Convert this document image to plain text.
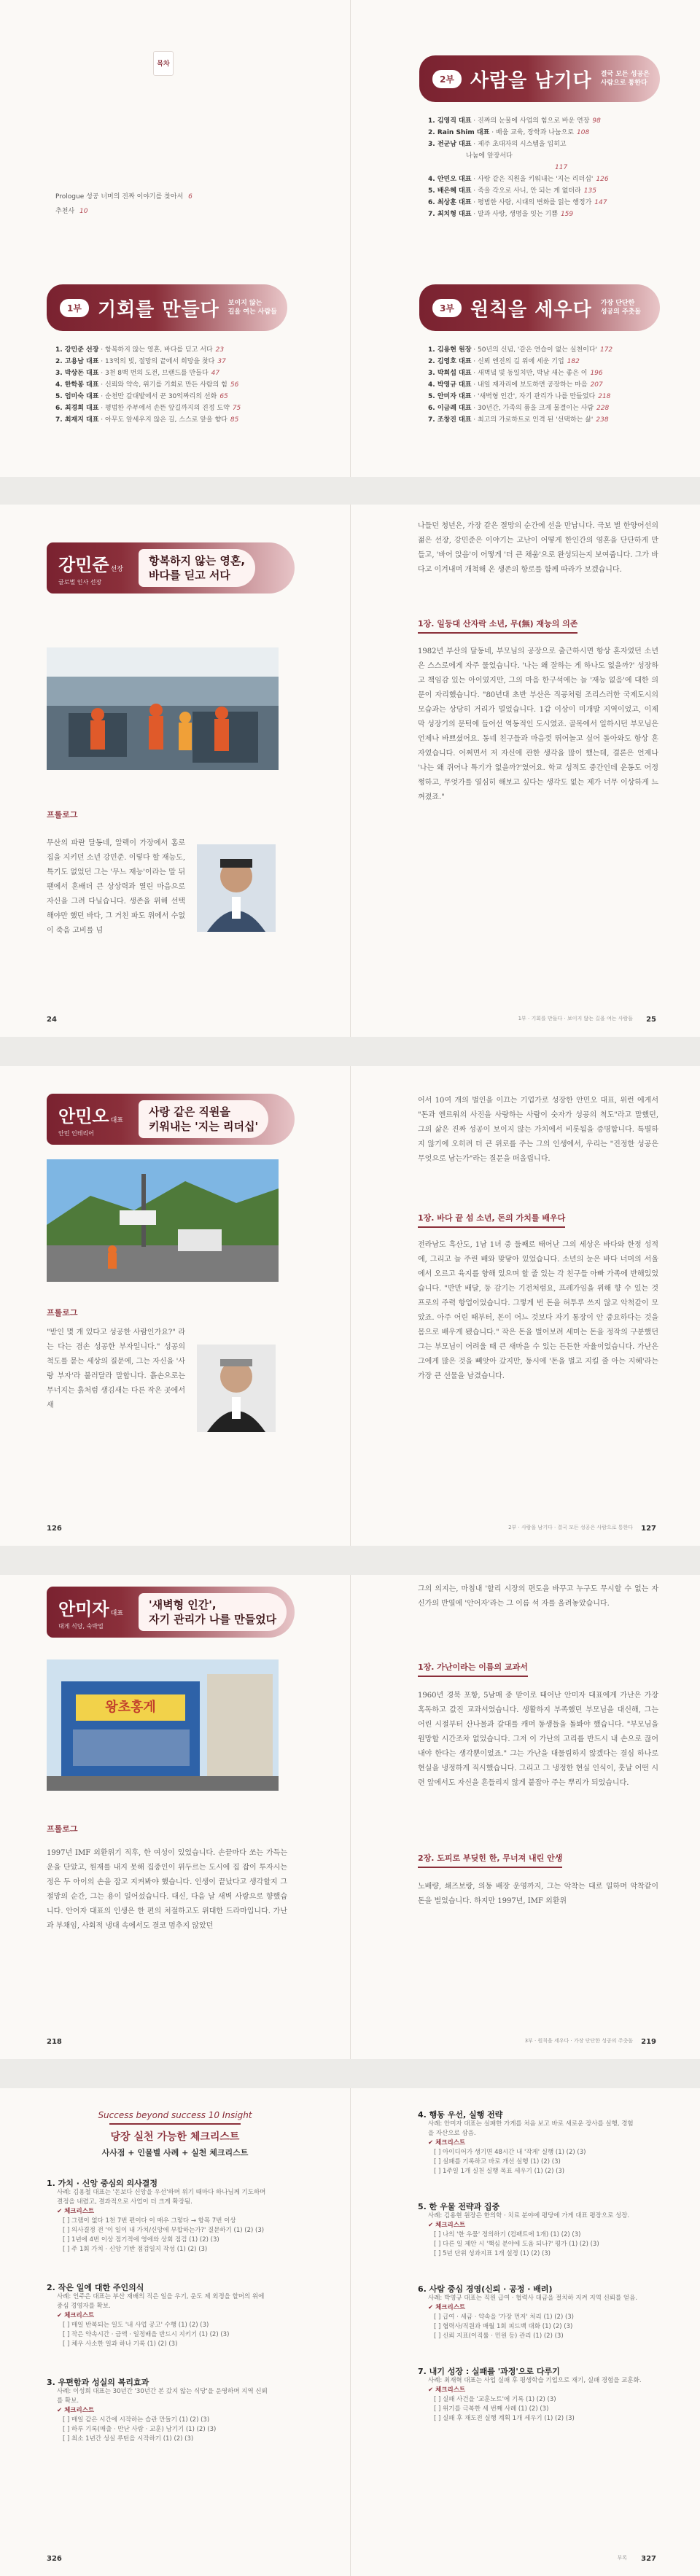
목차
Prologue 성공 너머의 진짜 이야기를 찾아서 6
추천사 10
1부 기회를 만들다 보이지 않는
길을 여는 사람들
1. 강민준 선장 · 항복하지 않는 영혼, 바다를 딛고 서다 23
2. 고용남 대표 · 13억의 빚, 절망의 끝에서 희망을 찾다 37
3. 박상돈 대표 · 3천 8백 번의 도전, 브랜드를 만들다 47
4. 한학봉 대표 · 신뢰와 약속, 위기를 기회로 만든 사람의 힘 56
5. 엄미숙 대표 · 순천만 갈대밭에서 꾼 30억짜리의 선화 65
6. 최경희 대표 · 평범한 주부에서 손뜬 앞길까지의 진정 도약 75
7. 최재지 대표 · 아무도 앞세우지 않은 길, 스스로 앞을 향다 85
2부 사람을 남기다 결국 모든 성공은
사람으로 통한다
1. 김영직 대표 · 진짜의 눈물에 사업의 힘으로 바운 연장 98
2. Rain Shim 대표 · 배움 교육, 장학과 나눔으로 108
3. 전군남 대표 · 제주 초대자의 시스템을 입히고
나눔에 앞장서다
117
4. 안민오 대표 · 사랑 같은 직원을 키워내는 '지는 리더십' 126
5. 배은혜 대표 · 죽을 각오로 사니, 안 되는 게 없더라 135
6. 최상훈 대표 · 평범한 사람, 시대의 변화를 읽는 행정가 147
7. 최치형 대표 · 말과 사랑, 생명을 잇는 기쁨 159
3부 원칙을 세우다 가장 단단한
성공의 주춧돌
1. 김용현 원장 · 50년의 신념, '같은 연습이 없는 실천이다' 172
2. 김영호 대표 · 신뢰 엔진의 길 위에 세운 기업 182
3. 박희섭 대표 · 새벽녘 빛 동일치만, 박남 새는 좋은 이 196
4. 박영규 대표 · 내일 재자리에 보도하면 공장하는 마음 207
5. 안미자 대표 · '새벽형 인간', 자기 관리가 나를 만들었다 218
6. 이금례 대표 · 30년간, 가족의 품을 크게 물결이는 사람 228
7. 조창진 대표 · 최고의 가로하트로 인격 된 '선택하는 삶' 238
강민준 선장
글로벌 인사 선장
항복하지 않는 영혼,
바다를 딛고 서다
프롤로그
무산의 파란 달동네, 알렉이 가장에서 홈로 집을 지키던 소년 강민준. 이렇다 할 재능도, 특기도 없었던 그는 '무느 재능'이라는 말 뒤 팬에서 혼배더 큰 상상력과 열린 마음으로 자신을 그려 다닐습니다. 생존을 위해 선택 해야만 했던 바다, 그 거친 파도 위에서 수없이 죽음 고비를 넘
24
나들던 청년은, 가장 같은 절망의 순간에 선을 만납니다. 극보 벌 한양어선의 젊은 선장, 강민준은 이야기는 고난이 어떻게 한인간의 영혼을 단단하게 만들고, '바어 앉음'이 어떻게 '더 큰 채움'으로 완성되는지 보여줍니다. 그가 바다고 이겨내며 개척해 온 생존의 항로를 함께 따라가 보겠습니다.
1장. 일등대 산자락 소년, 무(無) 재능의 의존
1982년 부산의 달동네, 부모님의 공장으로 출근하시면 항상 혼자였던 소년은 스스로에게 자주 물었습니다. '나는 왜 잘하는 게 하나도 없을까?' 성장하고 책임감 있는 아이였지만, 그의 마음 한구석에는 늘 '재능 없음'에 대한 의문이 자리했습니다. "80년대 초반 부산은 직공처럼 조리스러한 국제도시의 모습과는 상당히 거리가 멀었습니다. 1갑 이상이 미개발 지역이었고, 이제 막 성장기의 문턱에 들어선 역동적인 도시였죠. 골목에서 일하시던 부모님은 언제나 바쁘셨어요. 동네 친구들과 마음껏 뛰어놀고 싶어 돌아와도 항상 혼자였습니다. 어쩌면서 저 자신에 관한 생각을 많이 했는데, 결론은 언제나 '나는 왜 쥐어나 특기가 없을까?'였어요. 학교 성적도 중간인데 운동도 어정쩡하고, 무엇가를 열심히 해보고 싶다는 생각도 없는 제가 너무 이상하게 느껴졌죠."
1부 · 기회를 만들다 · 보이지 않는 길을 여는 사람들 25
안민오 대표
안민 인테리어
사랑 같은 직원을
키워내는 '지는 리더십'
프롤로그
"받인 몇 개 있다고 성공한 사람인가요?" 라는 다는 겸손 성공한 부자일니다." 성공의 척도를 묻는 세상의 질문에, 그는 자신을 '사랑 부자'라 불러달라 말합니다. 흙손으로는 무너지는 흙처럼 생김새는 다른 작은 곳에서 새
126
어서 10여 개의 벌인을 이끄는 기업가로 성장한 안민오 대표, 위런 에게서 "돈과 엔르워의 사진을 사랑하는 사람이 숫자가 성공의 척도"라고 말했던, 그의 삶은 진짜 성공이 보이지 않는 가치에서 비롯됨을 증명합니다. 특별하지 않기에 오히려 더 큰 위로를 주는 그의 인생에서, 우리는 "진정한 성공은 무엇으로 남는가"라는 질문을 떠올립니다.
1장. 바다 끝 섬 소년, 돈의 가치를 배우다
전라남도 흑산도, 1남 1녀 중 둘째로 태어난 그의 세상은 바다와 한정 성적에, 그리고 늘 주린 배와 맞닿아 있었습니다. 소년의 눈은 바다 너머의 서울에서 오르고 육지를 향해 있으며 할 줄 있는 각 친구들 아빠 가족에 반해있었습니다. "반만 배달, 둥 감기는 기전처럼요, 프레가임을 위해 향 수 있는 것 프로의 주력 항업이었습니다. 그렇게 번 돈을 허투루 쓰지 않고 악척같이 모았죠. 아주 어린 때부터, 돈이 어느 것보다 자기 통장이 안 중요하다는 것을 몸으로 배우게 됐습니다." 작은 돈을 벌어보려 세미는 돈을 정작의 구분했던 그는 부모님이 어려울 때 큰 새마을 수 있는 든든한 자율이었습니다. 가난은 그에게 많은 것을 빼앗아 갔지만, 동시에 '돈을 벌고 지킬 줄 아는 지혜'라는 가장 큰 선물을 남겼습니다.
2부 · 사람을 남기다 · 결국 모든 성공은 사람으로 통한다 127
안미자 대표
대게 식당, 숙박업
'새벽형 인간',
자기 관리가 나를 만들었다
왕초홍게
프롤로그
1997년 IMF 외환위기 직후, 한 여성이 있었습니다. 손끝마다 쏘는 가득는 운을 단았고, 원재를 내지 못해 집중인이 위두르는 도시에 집 잡이 투자시는 정은 두 아이의 손을 잡고 지켜봐야 했습니다. 인생이 끝났다고 생각할지 그 절망의 순간, 그는 용이 일어섰습니다. 대신, 다음 날 새벽 사랑으로 향했습니다. 안어자 대표의 인생은 한 편의 처절하고도 위대한 드라마입니다. 가난과 부채임, 사회적 냉대 속에서도 결코 멈추지 않았던
218
그의 의지는, 마침내 '할리 시장의 편도을 바꾸고 누구도 무시할 수 없는 자신가의 반열에 '안어자'라는 그 이름 석 자를 올려놓았습니다.
1장. 가난이라는 이름의 교과서
1960년 경북 포항, 5남매 중 맏이로 태어난 안미자 대표에게 가난은 가장 혹독하고 값진 교과서였습니다. 생활하지 부족했던 부모님을 대신해, 그는 어린 시절부터 산나물과 갈대를 캐며 동생들을 돌봐야 했습니다. "부모님을 원망할 시간조차 없었습니다. 그저 이 가난의 고리를 반드시 내 손으로 끊어내야 한다는 생각뿐이었죠." 그는 가난을 대물림하지 않겠다는 결심 하나로 현실을 냉정하게 직시했습니다. 그리고 그 냉정한 현실 인식이, 훗날 어떤 시련 앞에서도 자신을 흔들리지 않게 붙잡아 주는 뿌리가 되었습니다.
2장. 도피로 부딪힌 한, 무너져 내린 안생
노배량, 쇄즈보랑, 의동 배장 운영까지, 그는 악착는 대로 일하며 악착같이 돈을 벌었습니다. 하지만 1997년, IMF 외환위
3부 · 원칙을 세우다 · 가장 단단한 성공의 주춧돌 219
Success beyond success 10 Insight
당장 실천 가능한 체크리스트
사사점 + 인물별 사례 + 실천 체크리스트
1. 가치 · 신앙 중심의 의사결정
사례: 김용철 대표는 '돈보다 신앙을 우선'하며 위기 때마다 하나님께 기도하며
결정을 내렸고, 결과적으로 사업이 더 크게 확장됨.
✔ 체크리스트
[ ] 그램이 없다 1천 7번 편이다 이 매우 그렇다 → 항목 7번 이상
[ ] 의사결정 전 '이 일이 내 가치/신앙에 부합하는가?' 질문하기 (1) (2) (3)
[ ] 1년에 4번 이상 점기적에 영에와 상회 점검 (1) (2) (3)
[ ] 주 1회 가치 · 신앙 기반 점검일지 작성 (1) (2) (3)
2. 작은 일에 대한 주인의식
사례: 인주은 대표는 부산 재배의 직은 일을 우기, 운도 제 외정을 할머의 위에
중심 경영자를 확보.
✔ 체크리스트
[ ] 매일 반복되는 일도 '내 사업 공고' 수행 (1) (2) (3)
[ ] 작은 약속시간 · 금액 · 일정배을 반드시 지키기 (1) (2) (3)
[ ] 체우 사소한 일과 하나 기록 (1) (2) (3)
3. 우편함과 성실의 복리효과
사례: 이성희 대표는 30년간 '30년간 본 갔지 않는 식당'을 운영하며 지역 신뢰
를 확보.
✔ 체크리스트
[ ] 매일 같은 시간에 시작하는 습관 만들기 (1) (2) (3)
[ ] 하루 기록(매출 · 만난 사람 · 교훈) 남기기 (1) (2) (3)
[ ] 최소 1년간 성실 루틴을 시작하기 (1) (2) (3)
326
4. 행동 우선, 실행 전략
사례: 안미자 대표는 실패한 가게를 처음 보고 바로 새로운 장사를 실행, 경험
을 자산으로 삼음.
✔ 체크리스트
[ ] 아이디어가 생기면 48시간 내 '작게' 실행 (1) (2) (3)
[ ] 실패를 기록하고 바로 개선 실행 (1) (2) (3)
[ ] 1주일 1개 실천 실행 목표 세우기 (1) (2) (3)
5. 한 우물 전략과 집중
사례: 김용현 원장은 한의학 · 치료 분야에 평당에 가게 대표 평장으로 성장.
✔ 체크리스트
[ ] 나의 '한 우물' 정의하기 (컴팩트에 1개) (1) (2) (3)
[ ] 다른 일 제안 시 '핵심 분야에 도움 되나?' 평가 (1) (2) (3)
[ ] 5년 단위 성과지표 1개 설정 (1) (2) (3)
6. 사람 중심 경영(신뢰 · 공정 · 배려)
사례: 박영규 대표는 직원 급여 · 협력사 대금을 절치하 지켜 지역 신뢰를 얻음.
✔ 체크리스트
[ ] 급여 · 세금 · 약속을 '가장 먼저' 처리 (1) (2) (3)
[ ] 협력사/직원과 매월 1회 피드백 대화 (1) (2) (3)
[ ] 신뢰 지표(이직률 · 민원 등) 관리 (1) (2) (3)
7. 내기 성장 : 실패를 '과정'으로 다루기
사례: 최재혁 대표는 사업 실패 후 평생학습 기업으로 재기, 실패 경험을 교훈화.
✔ 체크리스트
[ ] 실패 사건을 '교훈노트'에 기록 (1) (2) (3)
[ ] 위기를 극복한 세 번째 사례 (1) (2) (3)
[ ] 실패 후 재도전 실행 계획 1개 세우기 (1) (2) (3)
부록 327
